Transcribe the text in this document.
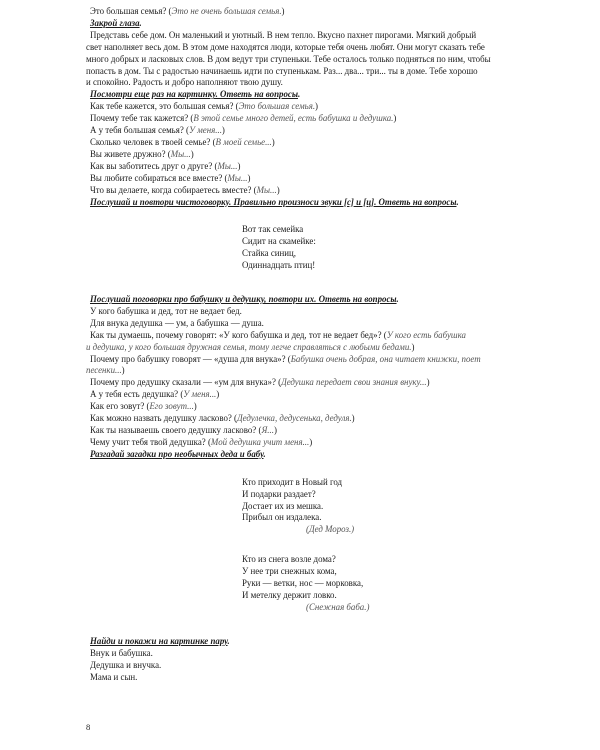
Это большая семья? (Это не очень большая семья.)
Закрой глаза.
Представь себе дом. Он маленький и уютный. В нем тепло. Вкусно пахнет пирогами. Мягкий добрый
свет наполняет весь дом. В этом доме находятся люди, которые тебя очень любят. Они могут сказать тебе
много добрых и ласковых слов. В дом ведут три ступеньки. Тебе осталось только подняться по ним, чтобы
попасть в дом. Ты с радостью начинаешь идти по ступенькам. Раз... два... три... ты в доме. Тебе хорошо
и спокойно. Радость и добро наполняют твою душу.
Посмотри еще раз на картинку. Ответь на вопросы.
Как тебе кажется, это большая семья? (Это большая семья.)
Почему тебе так кажется? (В этой семье много детей, есть бабушка и дедушка.)
А у тебя большая семья? (У меня...)
Сколько человек в твоей семье? (В моей семье...)
Вы живете дружно? (Мы...)
Как вы заботитесь друг о друге? (Мы...)
Вы любите собираться все вместе? (Мы...)
Что вы делаете, когда собираетесь вместе? (Мы...)
Послушай и повтори чистоговорку. Правильно произноси звуки [с] и [ц]. Ответь на вопросы.
Вот так семейка
Сидит на скамейке:
Стайка синиц,
Одиннадцать птиц!
Послушай поговорки про бабушку и дедушку, повтори их. Ответь на вопросы.
У кого бабушка и дед, тот не ведает бед.
Для внука дедушка — ум, а бабушка — душа.
Как ты думаешь, почему говорят: «У кого бабушка и дед, тот не ведает бед»? (У кого есть бабушка
и дедушка, у кого большая дружная семья, тому легче справляться с любыми бедами.)
Почему про бабушку говорят — «душа для внука»? (Бабушка очень добрая, она читает книжки, поет
песенки...)
Почему про дедушку сказали — «ум для внука»? (Дедушка передает свои знания внуку...)
А у тебя есть дедушка? (У меня...)
Как его зовут? (Его зовут...)
Как можно назвать дедушку ласково? (Дедулечка, дедусенька, дедуля.)
Как ты называешь своего дедушку ласково? (Я...)
Чему учит тебя твой дедушка? (Мой дедушка учит меня...)
Разгадай загадки про необычных деда и бабу.
Кто приходит в Новый год
И подарки раздает?
Достает их из мешка.
Прибыл он издалека.
(Дед Мороз.)
Кто из снега возле дома?
У нее три снежных кома,
Руки — ветки, нос — морковка,
И метелку держит ловко.
(Снежная баба.)
Найди и покажи на картинке пару.
Внук и бабушка.
Дедушка и внучка.
Мама и сын.
8
